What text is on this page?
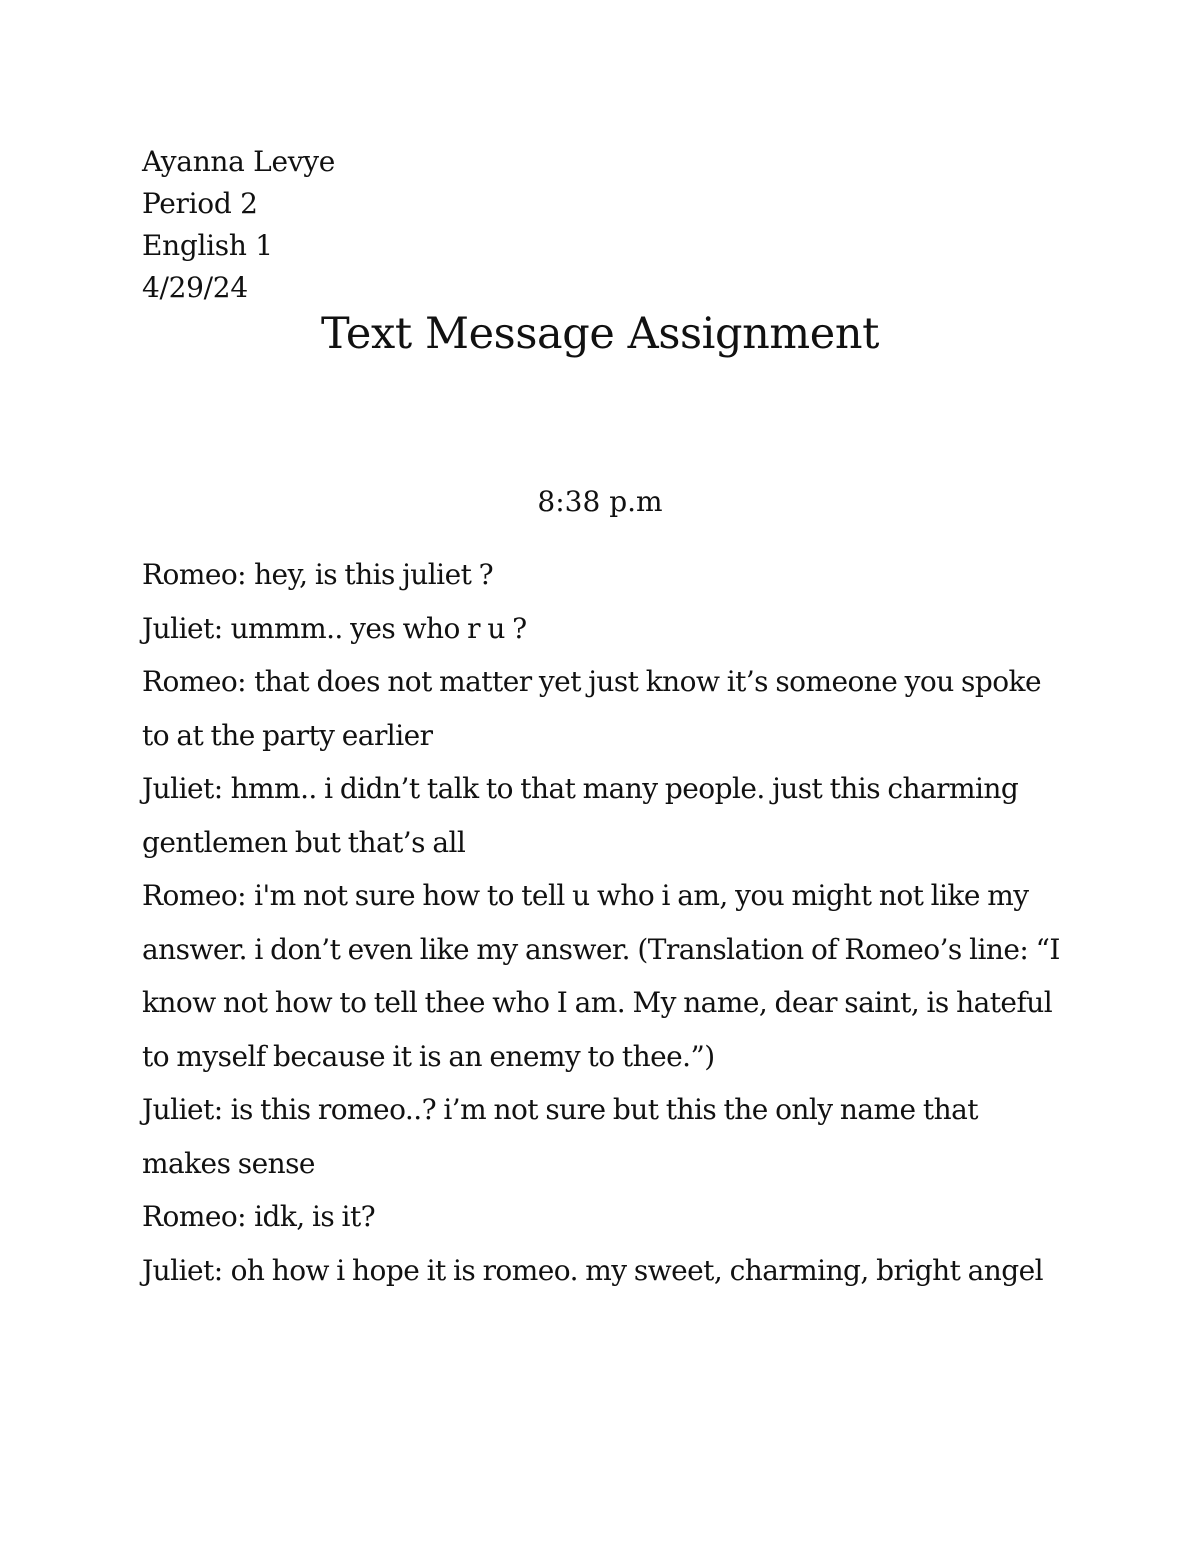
Ayanna Levye
Period 2
English 1
4/29/24
Text Message Assignment
8:38 p.m

Romeo: hey, is this juliet ?

Juliet: ummm.. yes who r u ?

Romeo: that does not matter yet just know it’s someone you spoke to at the party earlier

Juliet: hmm.. i didn’t talk to that many people. just this charming gentlemen but that’s all

Romeo: i'm not sure how to tell u who i am, you might not like my answer. i don’t even like my answer. (Translation of Romeo’s line: “I know not how to tell thee who I am. My name, dear saint, is hateful to myself because it is an enemy to thee.”)

Juliet: is this romeo..? i’m not sure but this the only name that makes sense

Romeo: idk, is it?

Juliet: oh how i hope it is romeo. my sweet, charming, bright angel
